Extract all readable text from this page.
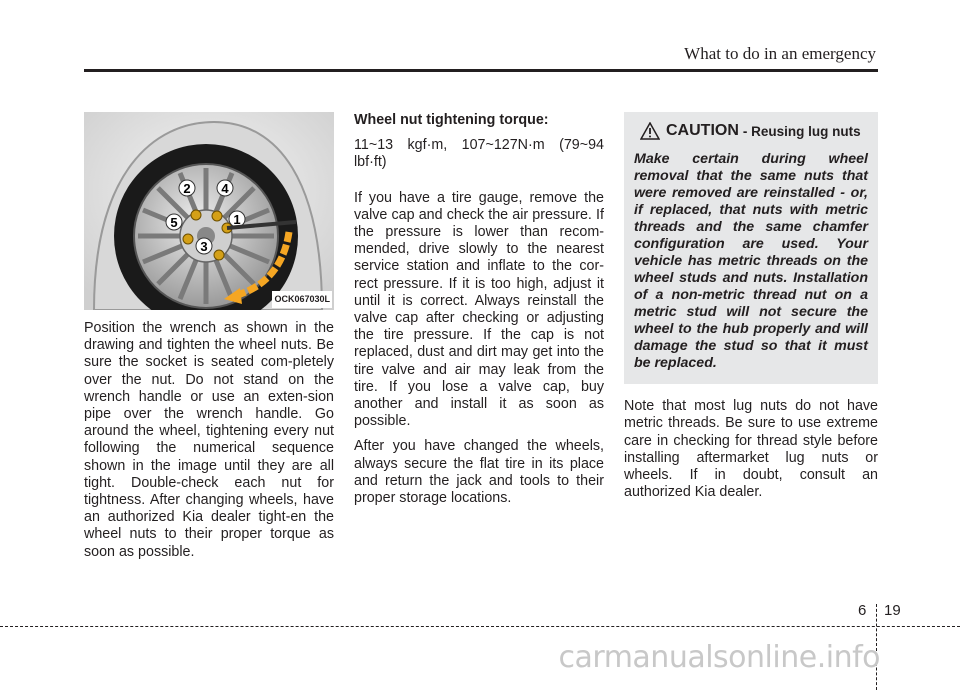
What to do in an emergency
1
2
3
4
5
OCK067030L

Position the wrench as shown in the drawing and tighten the wheel nuts. Be sure the socket is seated com-pletely over the nut. Do not stand on the wrench handle or use an exten-sion pipe over the wrench handle. Go around the wheel, tightening every nut following the numerical sequence shown in the image until they are all tight. Double-check each nut for tightness. After changing wheels, have an authorized Kia dealer tight-en the wheel nuts to their proper torque as soon as possible.

Wheel nut tightening torque:

11~13 kgf·m, 107~127N·m (79~94 lbf·ft)

If you have a tire gauge, remove the valve cap and check the air pressure. If the pressure is lower than recom-mended, drive slowly to the nearest service station and inflate to the cor-rect pressure. If it is too high, adjust it until it is correct. Always reinstall the valve cap after checking or adjusting the tire pressure. If the cap is not replaced, dust and dirt may get into the tire valve and air may leak from the tire. If you lose a valve cap, buy another and install it as soon as possible.

After you have changed the wheels, always secure the flat tire in its place and return the jack and tools to their proper storage locations.

CAUTION - Reusing lug nuts
Make certain during wheel removal that the same nuts that were removed are reinstalled - or, if replaced, that nuts with metric threads and the same chamfer configuration are used. Your vehicle has metric threads on the wheel studs and nuts. Installation of a non-metric thread nut on a metric stud will not secure the wheel to the hub properly and will damage the stud so that it must be replaced.

Note that most lug nuts do not have metric threads. Be sure to use extreme care in checking for thread style before installing aftermarket lug nuts or wheels. If in doubt, consult an authorized Kia dealer.

6 19
carmanualsonline.info
